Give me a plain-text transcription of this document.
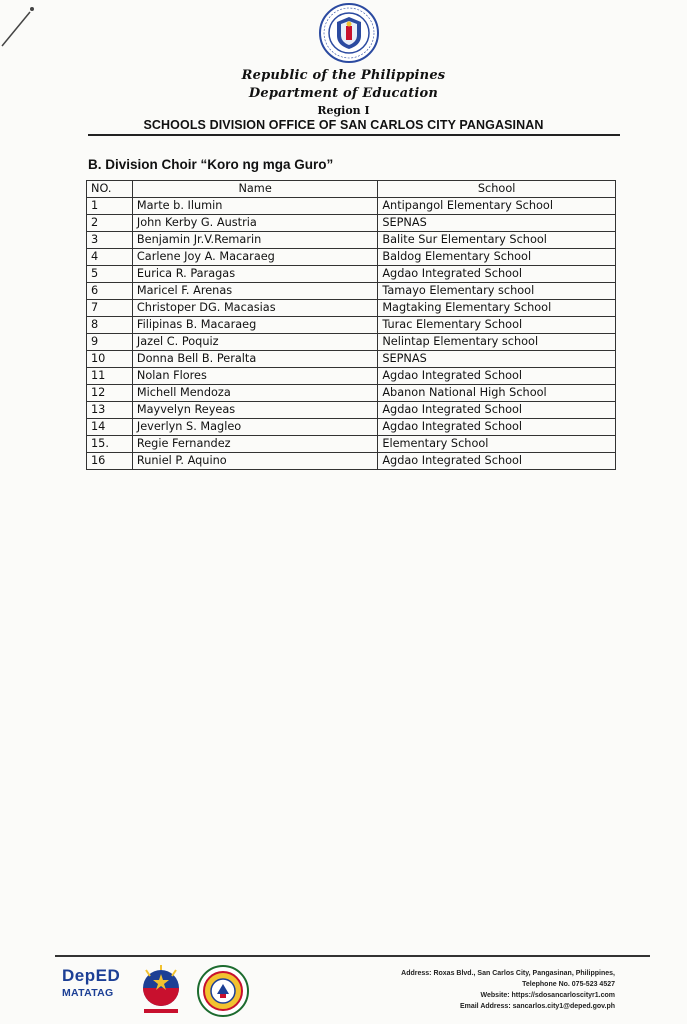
Republic of the Philippines
Department of Education
Region I
SCHOOLS DIVISION OFFICE OF SAN CARLOS CITY PANGASINAN
B. Division Choir “Koro ng mga Guro”
NO.	Name	School
1	Marte b. Ilumin	Antipangol Elementary School
2	John Kerby G. Austria	SEPNAS
3	Benjamin Jr.V.Remarin	Balite Sur Elementary School
4	Carlene Joy A. Macaraeg	Baldog Elementary School
5	Eurica R. Paragas	Agdao Integrated School
6	Maricel F. Arenas	Tamayo Elementary school
7	Christoper DG. Macasias	Magtaking Elementary School
8	Filipinas B. Macaraeg	Turac Elementary School
9	Jazel C. Poquiz	Nelintap Elementary school
10	Donna Bell B. Peralta	SEPNAS
11	Nolan Flores	Agdao Integrated School
12	Michell Mendoza	Abanon National High School
13	Mayvelyn Reyeas	Agdao Integrated School
14	Jeverlyn S. Magleo	Agdao Integrated School
15.	Regie Fernandez	Elementary School
16	Runiel P. Aquino	Agdao Integrated School
DepED
MATATAG
Address: Roxas Blvd., San Carlos City, Pangasinan, Philippines,
Telephone No. 075-523 4527
Website: https://sdosancarloscityr1.com
Email Address: sancarlos.city1@deped.gov.ph
